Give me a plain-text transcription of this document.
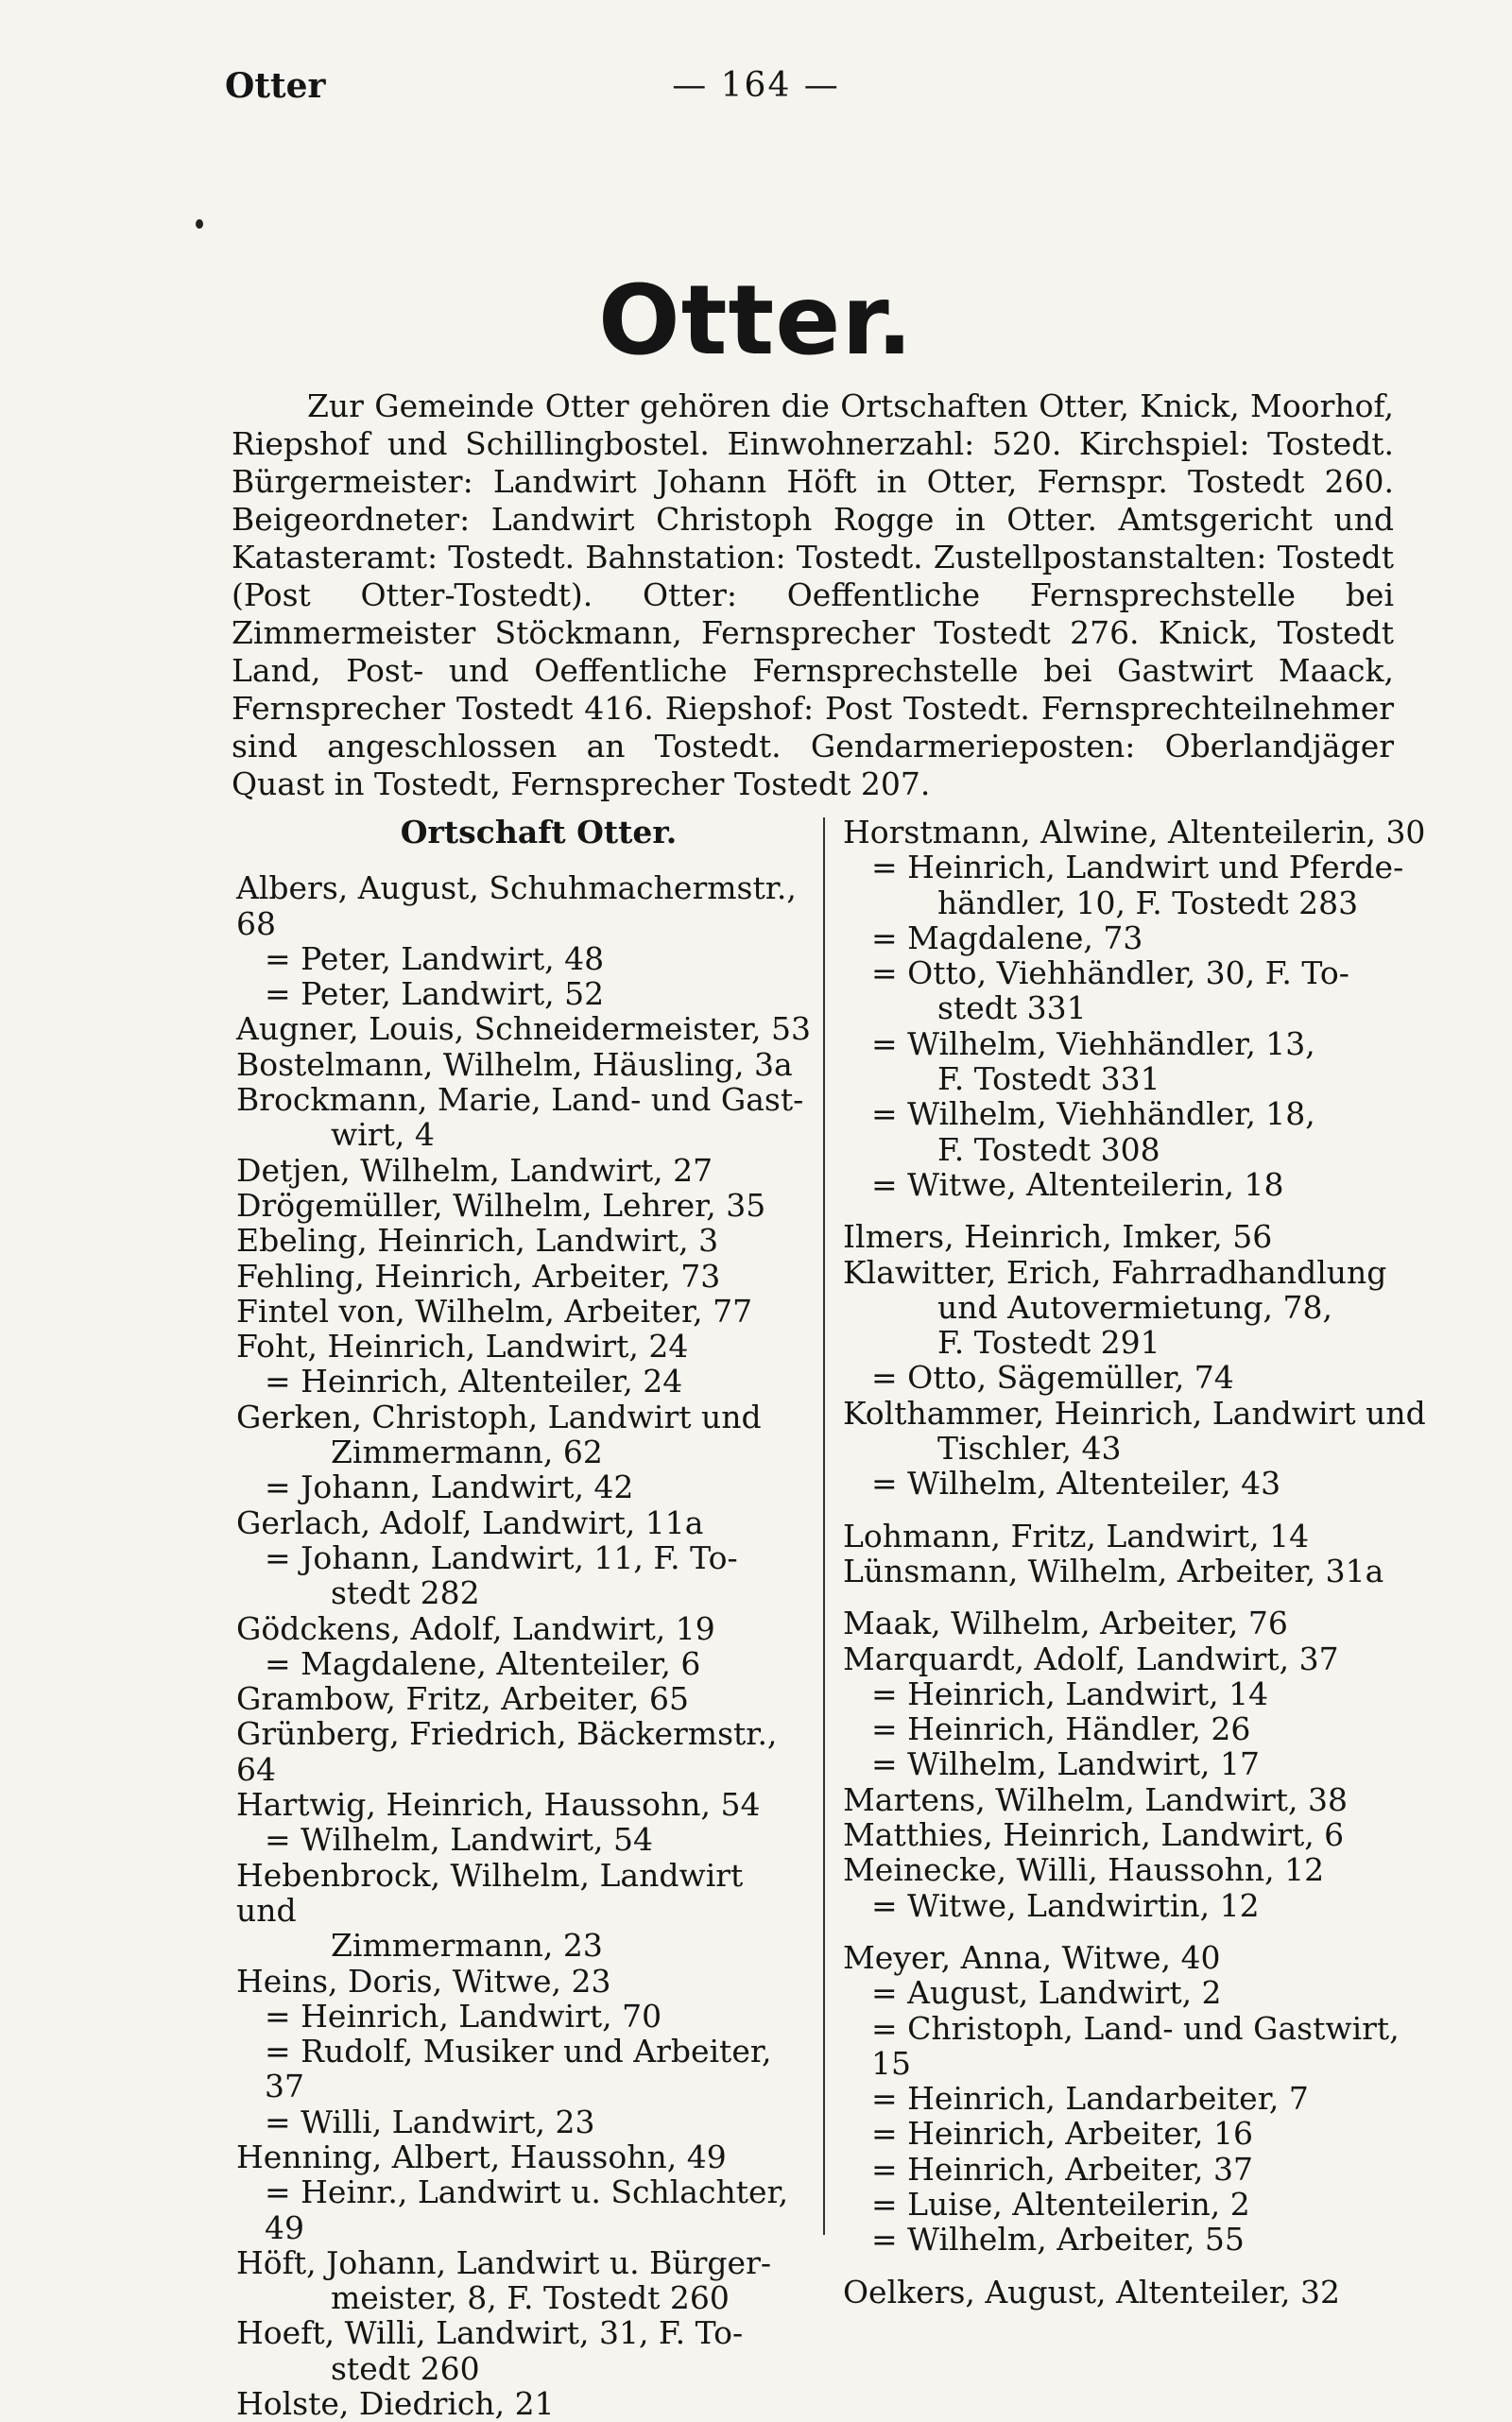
— 164 —
Otter
Otter.
Zur Gemeinde Otter gehören die Ortschaften Otter, Knick, Moorhof, Riepshof und Schillingbostel. Einwohnerzahl: 520. Kirchspiel: Tostedt. Bürgermeister: Landwirt Johann Höft in Otter, Fernspr. Tostedt 260. Beigeordneter: Landwirt Christoph Rogge in Otter. Amtsgericht und Katasteramt: Tostedt. Bahnstation: Tostedt. Zustellpostanstalten: Tostedt (Post Otter-Tostedt). Otter: Oeffentliche Fernsprechstelle bei Zimmermeister Stöckmann, Fernsprecher Tostedt 276. Knick, Tostedt Land, Post- und Oeffentliche Fernsprechstelle bei Gastwirt Maack, Fernsprecher Tostedt 416. Riepshof: Post Tostedt. Fernsprechteilnehmer sind angeschlossen an Tostedt. Gendarmerieposten: Oberlandjäger Quast in Tostedt, Fernsprecher Tostedt 207.
Ortschaft Otter.
Albers, August, Schuhmachermstr., 68
= Peter, Landwirt, 48
= Peter, Landwirt, 52
Augner, Louis, Schneidermeister, 53
Bostelmann, Wilhelm, Häusling, 3a
Brockmann, Marie, Land- und Gast-
wirt, 4
Detjen, Wilhelm, Landwirt, 27
Drögemüller, Wilhelm, Lehrer, 35
Ebeling, Heinrich, Landwirt, 3
Fehling, Heinrich, Arbeiter, 73
Fintel von, Wilhelm, Arbeiter, 77
Foht, Heinrich, Landwirt, 24
= Heinrich, Altenteiler, 24
Gerken, Christoph, Landwirt und
Zimmermann, 62
= Johann, Landwirt, 42
Gerlach, Adolf, Landwirt, 11a
= Johann, Landwirt, 11, F. To-
stedt 282
Gödckens, Adolf, Landwirt, 19
= Magdalene, Altenteiler, 6
Grambow, Fritz, Arbeiter, 65
Grünberg, Friedrich, Bäckermstr., 64
Hartwig, Heinrich, Haussohn, 54
= Wilhelm, Landwirt, 54
Hebenbrock, Wilhelm, Landwirt und
Zimmermann, 23
Heins, Doris, Witwe, 23
= Heinrich, Landwirt, 70
= Rudolf, Musiker und Arbeiter, 37
= Willi, Landwirt, 23
Henning, Albert, Haussohn, 49
= Heinr., Landwirt u. Schlachter, 49
Höft, Johann, Landwirt u. Bürger-
meister, 8, F. Tostedt 260
Hoeft, Willi, Landwirt, 31, F. To-
stedt 260
Holste, Diedrich, 21
Horstmann, Alwine, Altenteilerin, 30
= Heinrich, Landwirt und Pferde-
händler, 10, F. Tostedt 283
= Magdalene, 73
= Otto, Viehhändler, 30, F. To-
stedt 331
= Wilhelm, Viehhändler, 13,
F. Tostedt 331
= Wilhelm, Viehhändler, 18,
F. Tostedt 308
= Witwe, Altenteilerin, 18
Ilmers, Heinrich, Imker, 56
Klawitter, Erich, Fahrradhandlung
und Autovermietung, 78,
F. Tostedt 291
= Otto, Sägemüller, 74
Kolthammer, Heinrich, Landwirt und
Tischler, 43
= Wilhelm, Altenteiler, 43
Lohmann, Fritz, Landwirt, 14
Lünsmann, Wilhelm, Arbeiter, 31a
Maak, Wilhelm, Arbeiter, 76
Marquardt, Adolf, Landwirt, 37
= Heinrich, Landwirt, 14
= Heinrich, Händler, 26
= Wilhelm, Landwirt, 17
Martens, Wilhelm, Landwirt, 38
Matthies, Heinrich, Landwirt, 6
Meinecke, Willi, Haussohn, 12
= Witwe, Landwirtin, 12
Meyer, Anna, Witwe, 40
= August, Landwirt, 2
= Christoph, Land- und Gastwirt, 15
= Heinrich, Landarbeiter, 7
= Heinrich, Arbeiter, 16
= Heinrich, Arbeiter, 37
= Luise, Altenteilerin, 2
= Wilhelm, Arbeiter, 55
Oelkers, August, Altenteiler, 32
